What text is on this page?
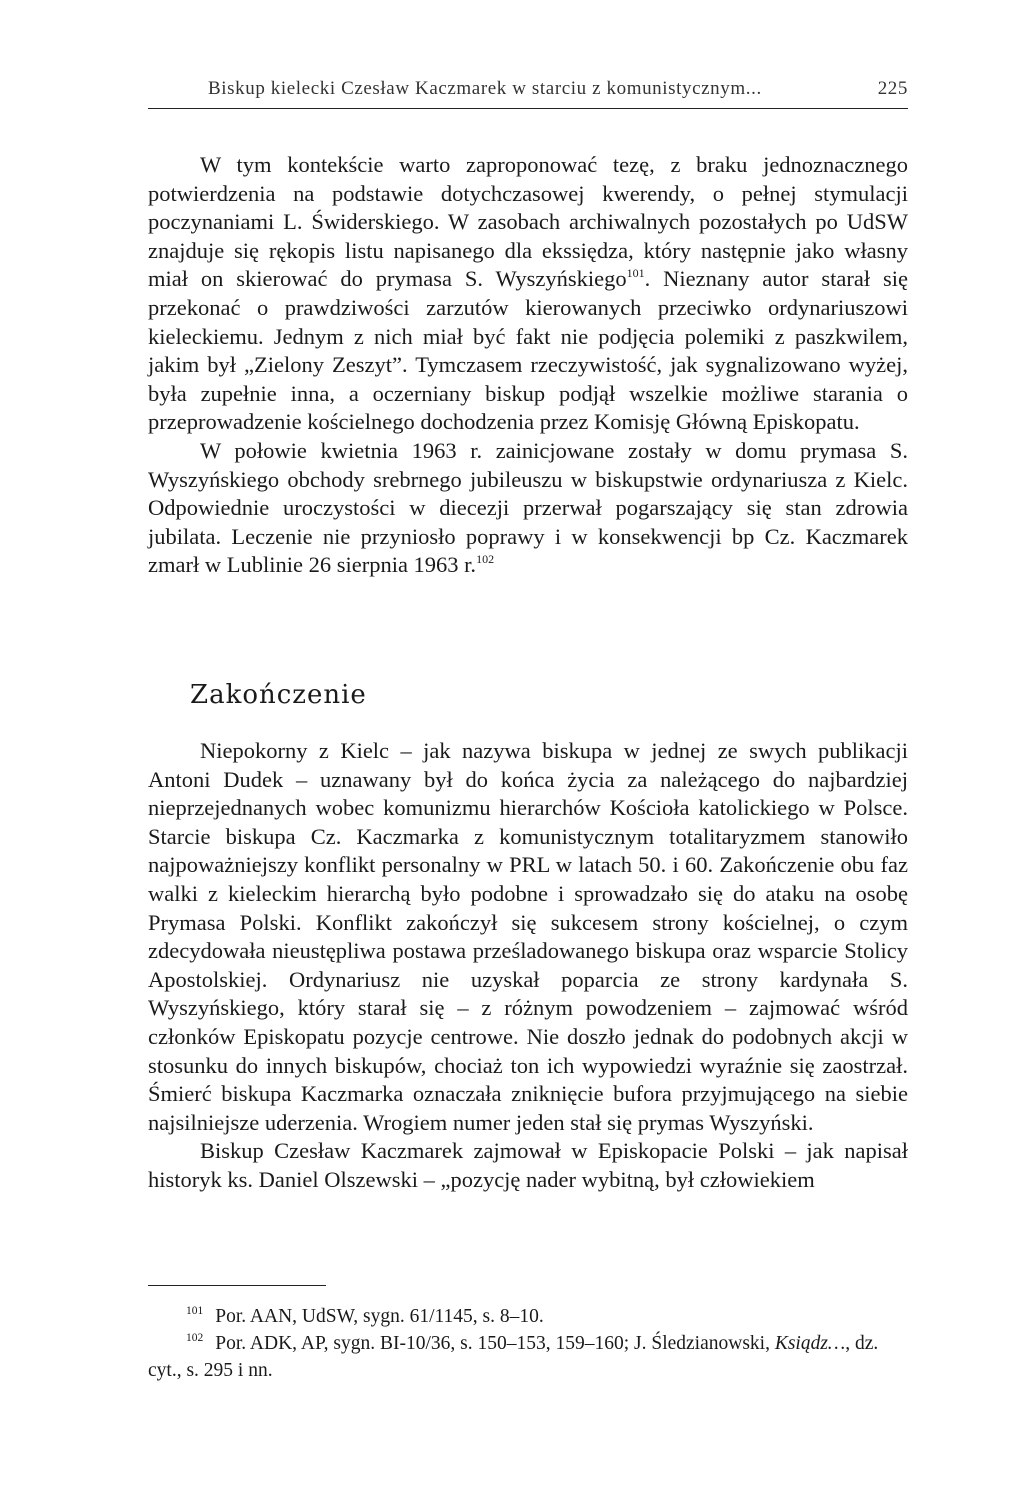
Biskup kielecki Czesław Kaczmarek w starciu z komunistycznym...	225

W tym kontekście warto zaproponować tezę, z braku jednoznacznego potwierdzenia na podstawie dotychczasowej kwerendy, o pełnej stymulacji poczynaniami L. Świderskiego. W zasobach archiwalnych pozostałych po UdSW znajduje się rękopis listu napisanego dla ekssiędza, który następnie jako własny miał on skierować do prymasa S. Wyszyńskiego$^{101}$. Nieznany autor starał się przekonać o prawdziwości zarzutów kierowanych przeciwko ordynariuszowi kieleckiemu. Jednym z nich miał być fakt nie podjęcia polemiki z paszkwilem, jakim był „Zielony Zeszyt”. Tymczasem rzeczywistość, jak sygnalizowano wyżej, była zupełnie inna, a oczerniany biskup podjął wszelkie możliwe starania o przeprowadzenie kościelnego dochodzenia przez Komisję Główną Episkopatu.

W połowie kwietnia 1963 r. zainicjowane zostały w domu prymasa S. Wyszyńskiego obchody srebrnego jubileuszu w biskupstwie ordynariusza z Kielc. Odpowiednie uroczystości w diecezji przerwał pogarszający się stan zdrowia jubilata. Leczenie nie przyniosło poprawy i w konsekwencji bp Cz. Kaczmarek zmarł w Lublinie 26 sierpnia 1963 r.$^{102}$

Zakończenie

Niepokorny z Kielc – jak nazywa biskupa w jednej ze swych publikacji Antoni Dudek – uznawany był do końca życia za należącego do najbardziej nieprzejednanych wobec komunizmu hierarchów Kościoła katolickiego w Polsce. Starcie biskupa Cz. Kaczmarka z komunistycznym totalitaryzmem stanowiło najpoważniejszy konflikt personalny w PRL w latach 50. i 60. Zakończenie obu faz walki z kieleckim hierarchą było podobne i sprowadzało się do ataku na osobę Prymasa Polski. Konflikt zakończył się sukcesem strony kościelnej, o czym zdecydowała nieustępliwa postawa prześladowanego biskupa oraz wsparcie Stolicy Apostolskiej. Ordynariusz nie uzyskał poparcia ze strony kardynała S. Wyszyńskiego, który starał się – z różnym powodzeniem – zajmować wśród członków Episkopatu pozycje centrowe. Nie doszło jednak do podobnych akcji w stosunku do innych biskupów, chociaż ton ich wypowiedzi wyraźnie się zaostrzał. Śmierć biskupa Kaczmarka oznaczała zniknięcie bufora przyjmującego na siebie najsilniejsze uderzenia. Wrogiem numer jeden stał się prymas Wyszyński.

Biskup Czesław Kaczmarek zajmował w Episkopacie Polski – jak napisał historyk ks. Daniel Olszewski – „pozycję nader wybitną, był człowiekiem

$^{101}$ Por. AAN, UdSW, sygn. 61/1145, s. 8–10.

$^{102}$ Por. ADK, AP, sygn. BI-10/36, s. 150–153, 159–160; J. Śledzianowski, Ksiądz…, dz. cyt., s. 295 i nn.
